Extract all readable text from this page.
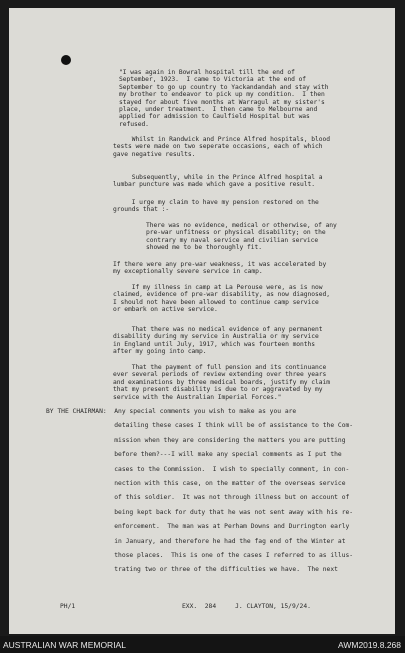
"I was again in Bowral hospital till the end of
September, 1923.  I came to Victoria at the end of
September to go up country to Yackandandah and stay with
my brother to endeavor to pick up my condition.  I then
stayed for about five months at Warragul at my sister's
place, under treatment.  I then came to Melbourne and
applied for admission to Caulfield Hospital but was
refused.
Whilst in Randwick and Prince Alfred hospitals, blood
tests were made on two seperate occasions, each of which
gave negative results.
Subsequently, while in the Prince Alfred hospital a
lumbar puncture was made which gave a positive result.
I urge my claim to have my pension restored on the
grounds that :-
There was no evidence, medical or otherwise, of any
pre-war unfitness or physical disability; on the
contrary my naval service and civilian service
showed me to be thoroughly fit.
If there were any pre-war weakness, it was accelerated by
my exceptionally severe service in camp.
If my illness in camp at La Perouse were, as is now
claimed, evidence of pre-war disability, as now diagnosed,
I should not have been allowed to continue camp service
or embark on active service.
That there was no medical evidence of any permanent
disability during my service in Australia or my service
in England until July, 1917, which was fourteen months
after my going into camp.
That the payment of full pension and its continuance
ever several periods of review extending over three years
and examinations by three medical boards, justify my claim
that my present disability is due to or aggravated by my
service with the Australian Imperial Forces."
BY THE CHAIRMAN:  Any special comments you wish to make as you are
detailing these cases I think will be of assistance to the Com-
mission when they are considering the matters you are putting
before them?---I will make any special comments as I put the
cases to the Commission.  I wish to specially comment, in con-
nection with this case, on the matter of the overseas service
of this soldier.  It was not through illness but on account of
being kept back for duty that he was not sent away with his re-
enforcement.  The man was at Perham Downs and Durrington early
in January, and therefore he had the fag end of the Winter at
those places.  This is one of the cases I referred to as illus-
trating two or three of the difficulties we have.  The next
PH/1	EXX.  284     J. CLAYTON, 15/9/24.
AUSTRALIAN WAR MEMORIAL	AWM2019.8.268
